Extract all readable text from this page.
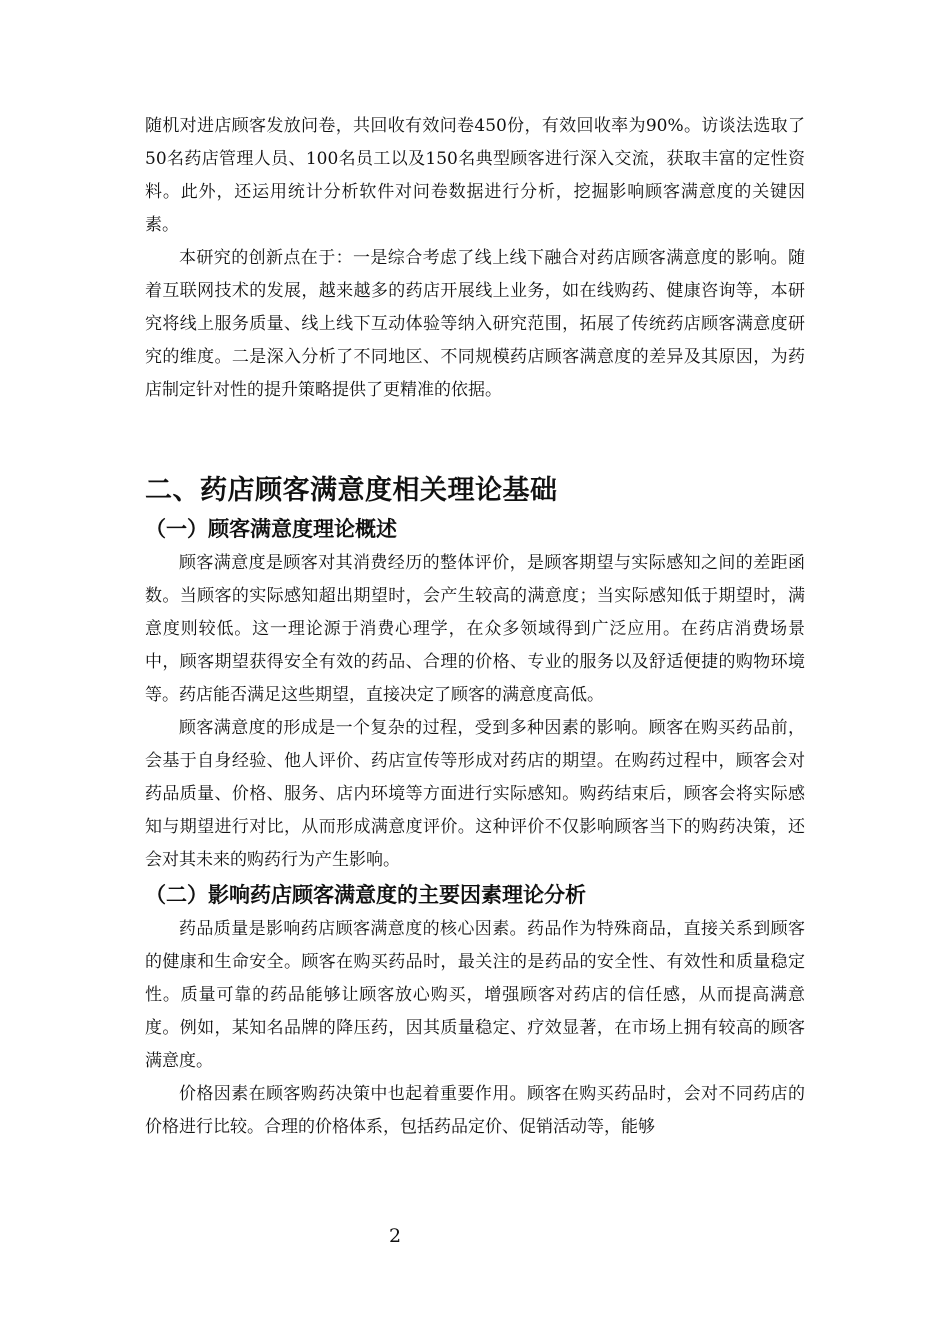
随机对进店顾客发放问卷，共回收有效问卷450份，有效回收率为90%。访谈法选取了50名药店管理人员、100名员工以及150名典型顾客进行深入交流，获取丰富的定性资料。此外，还运用统计分析软件对问卷数据进行分析，挖掘影响顾客满意度的关键因素。

本研究的创新点在于：一是综合考虑了线上线下融合对药店顾客满意度的影响。随着互联网技术的发展，越来越多的药店开展线上业务，如在线购药、健康咨询等，本研究将线上服务质量、线上线下互动体验等纳入研究范围，拓展了传统药店顾客满意度研究的维度。二是深入分析了不同地区、不同规模药店顾客满意度的差异及其原因，为药店制定针对性的提升策略提供了更精准的依据。

二、药店顾客满意度相关理论基础
（一）顾客满意度理论概述

顾客满意度是顾客对其消费经历的整体评价，是顾客期望与实际感知之间的差距函数。当顾客的实际感知超出期望时，会产生较高的满意度；当实际感知低于期望时，满意度则较低。这一理论源于消费心理学，在众多领域得到广泛应用。在药店消费场景中，顾客期望获得安全有效的药品、合理的价格、专业的服务以及舒适便捷的购物环境等。药店能否满足这些期望，直接决定了顾客的满意度高低。

顾客满意度的形成是一个复杂的过程，受到多种因素的影响。顾客在购买药品前，会基于自身经验、他人评价、药店宣传等形成对药店的期望。在购药过程中，顾客会对药品质量、价格、服务、店内环境等方面进行实际感知。购药结束后，顾客会将实际感知与期望进行对比，从而形成满意度评价。这种评价不仅影响顾客当下的购药决策，还会对其未来的购药行为产生影响。

（二）影响药店顾客满意度的主要因素理论分析

药品质量是影响药店顾客满意度的核心因素。药品作为特殊商品，直接关系到顾客的健康和生命安全。顾客在购买药品时，最关注的是药品的安全性、有效性和质量稳定性。质量可靠的药品能够让顾客放心购买，增强顾客对药店的信任感，从而提高满意度。例如，某知名品牌的降压药，因其质量稳定、疗效显著，在市场上拥有较高的顾客满意度。

价格因素在顾客购药决策中也起着重要作用。顾客在购买药品时，会对不同药店的价格进行比较。合理的价格体系，包括药品定价、促销活动等，能够

2
